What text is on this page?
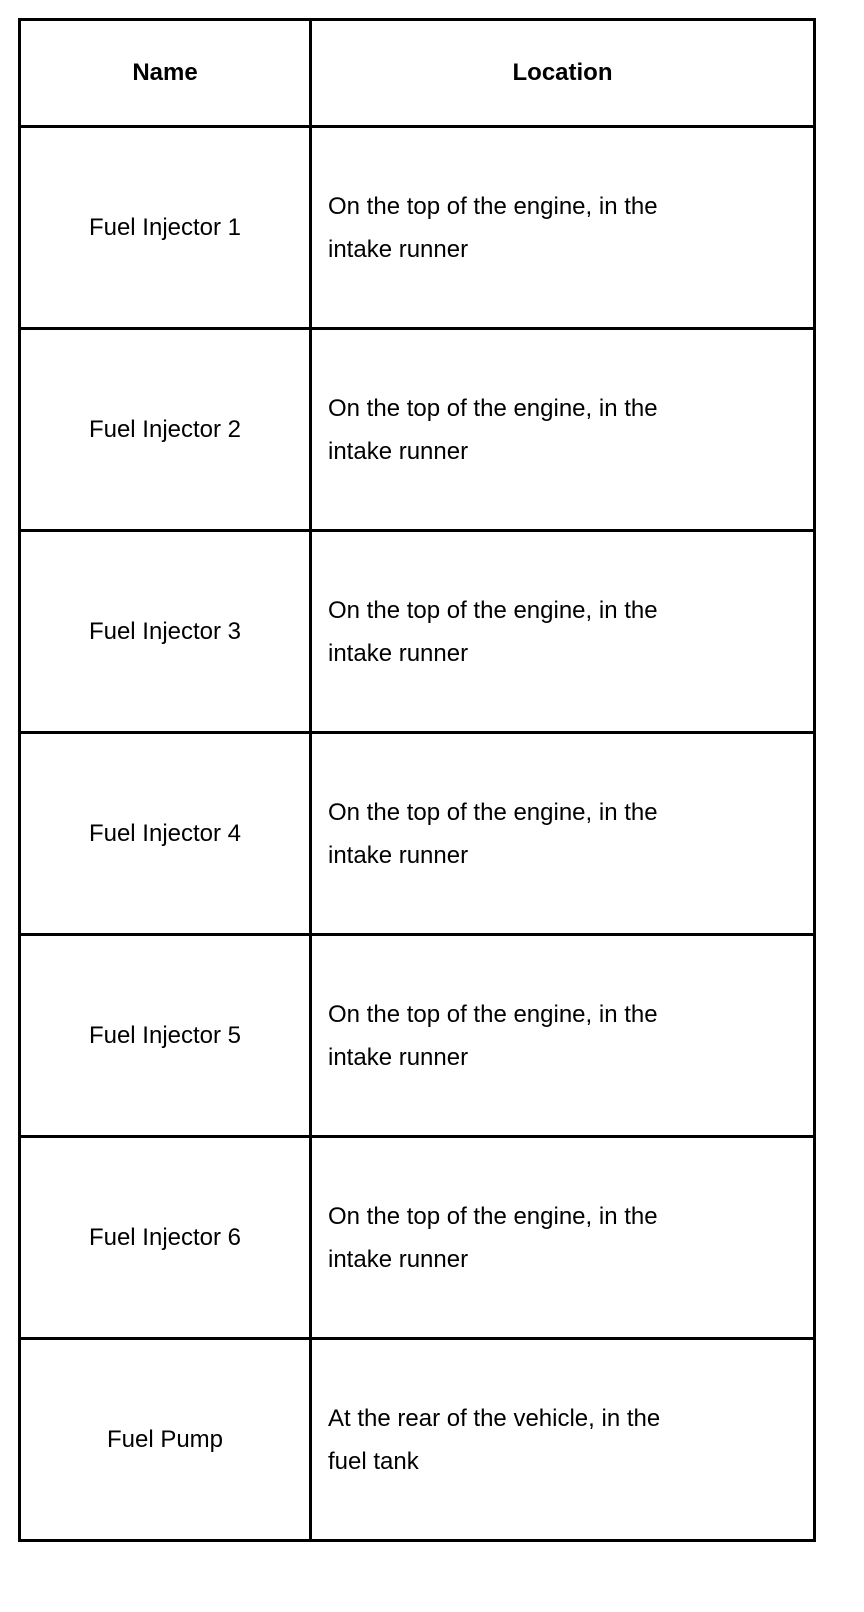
Name	Location
Fuel Injector 1	On the top of the engine, in the intake runner
Fuel Injector 2	On the top of the engine, in the intake runner
Fuel Injector 3	On the top of the engine, in the intake runner
Fuel Injector 4	On the top of the engine, in the intake runner
Fuel Injector 5	On the top of the engine, in the intake runner
Fuel Injector 6	On the top of the engine, in the intake runner
Fuel Pump	At the rear of the vehicle, in the fuel tank
